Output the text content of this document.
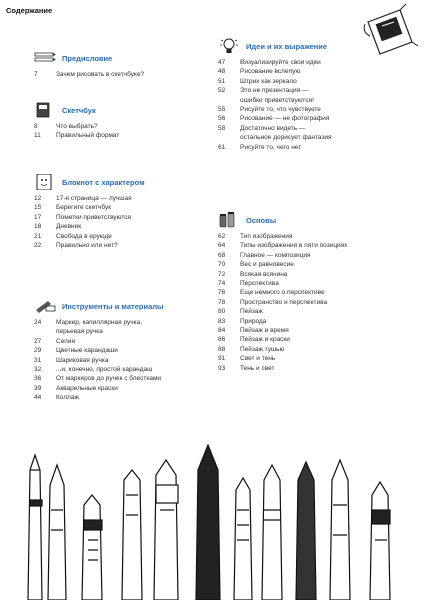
Содержание
Предисловие
7	Зачем рисовать в скетчбуке?
Скетчбук
8	Что выбрать?
11	Правильный формат
Блокнот с характером
12	17-я страница — лучшая
15	Берегите скетчбук
17	Пометки приветствуются
18	Дневник
21	Свобода в еруюде
22	Правильно или нет?
Инструменты и материалы
24	Маркер, капиллярная ручка,
перьевая ручка
27	Сепия
29	Цветные карандаши
31	Шариковая ручка
32	...и, конечно, простой карандаш
36	От маркеров до ручек с блестками
39	Акварельные краски
44	Коллаж
Идеи и их выражение
47	Визуализируйте свои идеи
48	Рисование вслепую
51	Штрих как зеркало
52	Это не презентация —
ошибки приветствуются!
55	Рисуйте то, что чувствуете
56	Рисование — не фотография
58	Достаточно видеть —
остальное дорисует фантазия
61	Рисуйте то, чего нет
Основы
62	Тип изображения
64	Типы изображения в пяти позициях
68	Главное — композиция
70	Вес и равновесие
72	Всякая всячина
74	Перспектива
76	Еще немного о перспективе
78	Пространство и перспектива
80	Пейзаж
83	Природа
84	Пейзаж и время
86	Пейзаж и краски
88	Пейзаж тушью
91	Свет и тень
93	Тень и свет
